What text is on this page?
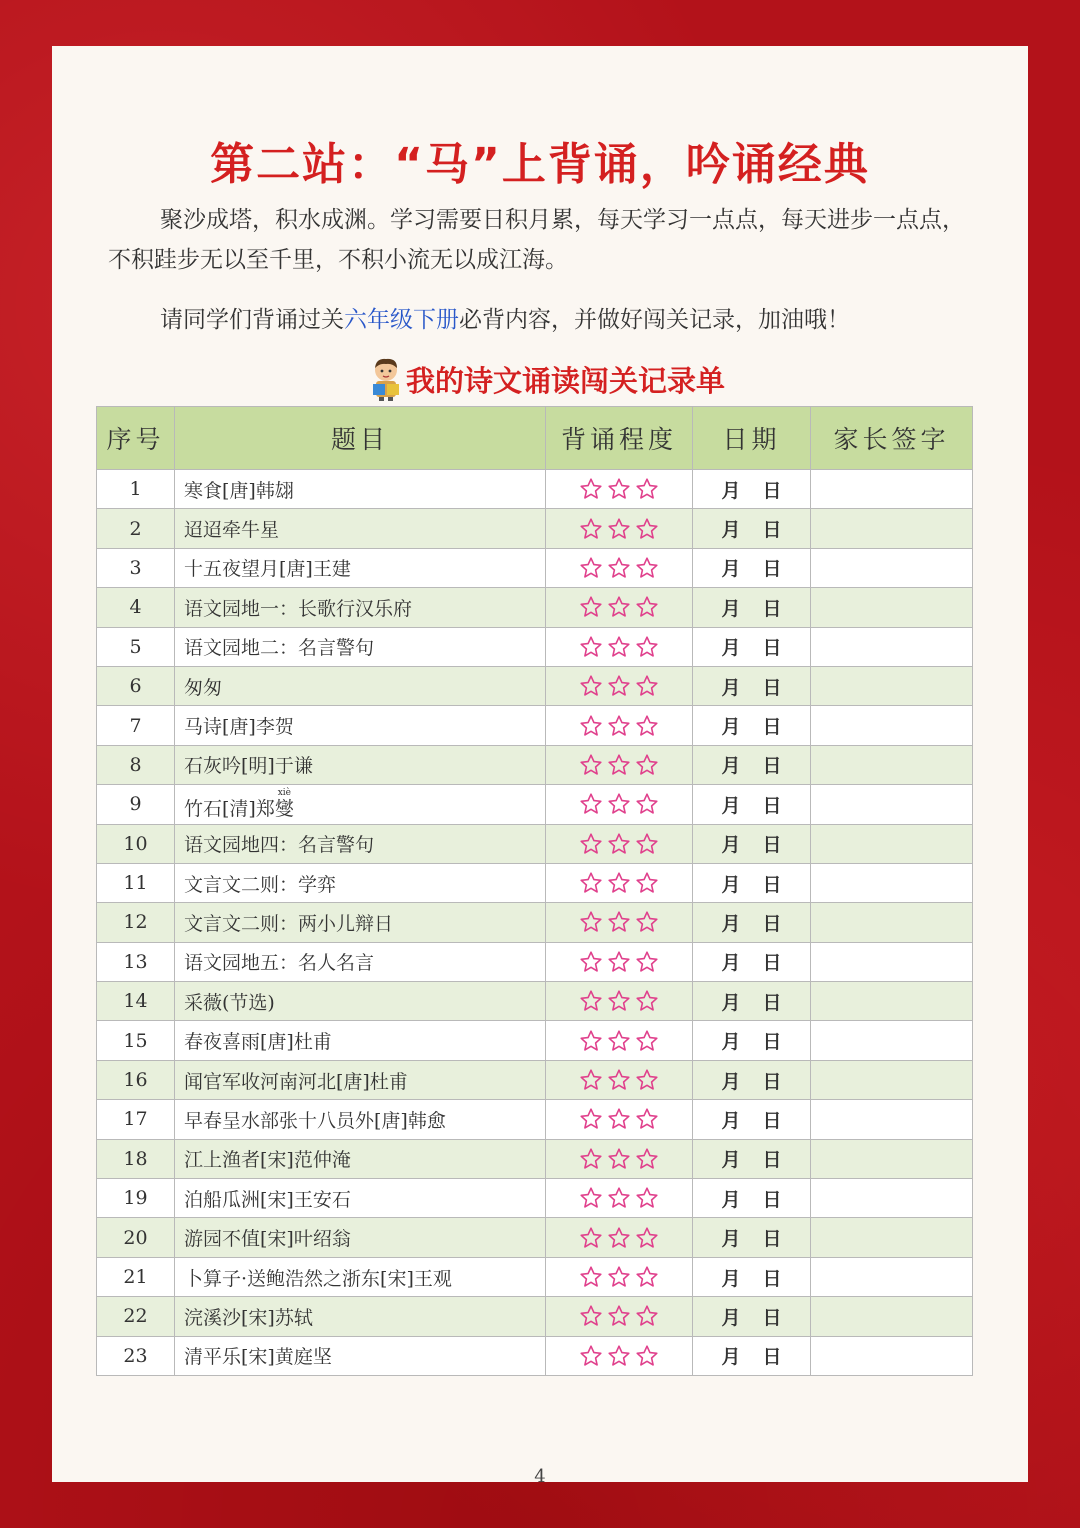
第二站：“马”上背诵，吟诵经典
聚沙成塔，积水成渊。学习需要日积月累，每天学习一点点，每天进步一点点，不积跬步无以至千里，不积小流无以成江海。
请同学们背诵过关六年级下册必背内容，并做好闯关记录，加油哦！
我的诗文诵读闯关记录单
序号	题目	背诵程度	日期	家长签字
1	寒食[唐]韩翃		月 日	
2	迢迢牵牛星		月 日	
3	十五夜望月[唐]王建		月 日	
4	语文园地一：长歌行汉乐府		月 日	
5	语文园地二：名言警句		月 日	
6	匆匆		月 日	
7	马诗[唐]李贺		月 日	
8	石灰吟[明]于谦		月 日	
9	竹石[清]郑燮xiè		月 日	
10	语文园地四：名言警句		月 日	
11	文言文二则：学弈		月 日	
12	文言文二则：两小儿辩日		月 日	
13	语文园地五：名人名言		月 日	
14	采薇(节选)		月 日	
15	春夜喜雨[唐]杜甫		月 日	
16	闻官军收河南河北[唐]杜甫		月 日	
17	早春呈水部张十八员外[唐]韩愈		月 日	
18	江上渔者[宋]范仲淹		月 日	
19	泊船瓜洲[宋]王安石		月 日	
20	游园不值[宋]叶绍翁		月 日	
21	卜算子·送鲍浩然之浙东[宋]王观		月 日	
22	浣溪沙[宋]苏轼		月 日	
23	清平乐[宋]黄庭坚		月 日	
4
